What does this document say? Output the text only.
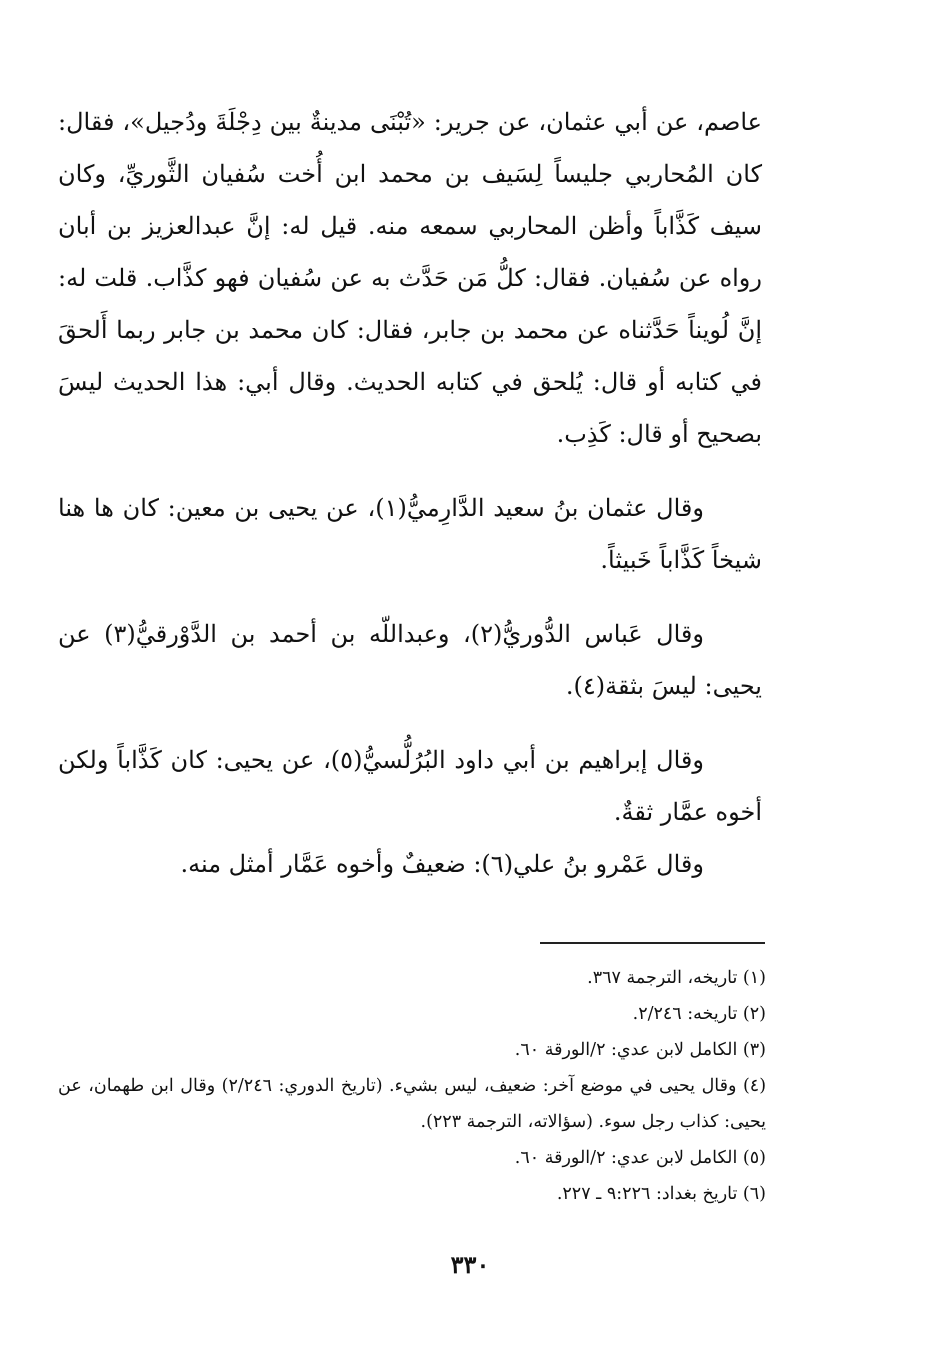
عاصم، عن أبي عثمان، عن جرير: «تُبْنَى مدينةٌ بين دِجْلَةَ ودُجيل»، فقال: كان المُحاربي جليساً لِسَيف بن محمد ابن أُخت سُفيان الثَّوريِّ، وكان سيف كَذَّاباً وأظن المحاربي سمعه منه. قيل له: إنَّ عبدالعزيز بن أبان رواه عن سُفيان. فقال: كلُّ مَن حَدَّث به عن سُفيان فهو كذَّاب. قلت له: إنَّ لُويناً حَدَّثناه عن محمد بن جابر، فقال: كان محمد بن جابر ربما أَلحقَ في كتابه أو قال: يُلحق في كتابه الحديث. وقال أبي: هذا الحديث ليسَ بصحيح أو قال: كَذِب.

وقال عثمان بنُ سعيد الدَّارِميُّ(١)، عن يحيى بن معين: كان ها هنا شيخاً كَذَّاباً خَبيثاً.

وقال عَباس الدُّوريُّ(٢)، وعبداللّه بن أحمد بن الدَّوْرقيُّ(٣) عن يحيى: ليسَ بثقة(٤).

وقال إبراهيم بن أبي داود البُرُلُّسيُّ(٥)، عن يحيى: كان كَذَّاباً ولكن أخوه عمَّار ثقةٌ.

وقال عَمْرو بنُ علي(٦): ضعيفٌ وأخوه عَمَّار أمثل منه.

(١) تاريخه، الترجمة ٣٦٧.

(٢) تاريخه: ٢/٢٤٦.

(٣) الكامل لابن عدي: ٢/الورقة ٦٠.

(٤) وقال يحيى في موضع آخر: ضعيف، ليس بشيء. (تاريخ الدوري: ٢/٢٤٦) وقال ابن طهمان، عن يحيى: كذاب رجل سوء. (سؤالاته، الترجمة ٢٢٣).

(٥) الكامل لابن عدي: ٢/الورقة ٦٠.

(٦) تاريخ بغداد: ٩:٢٢٦ ـ ٢٢٧.

٣٣٠
